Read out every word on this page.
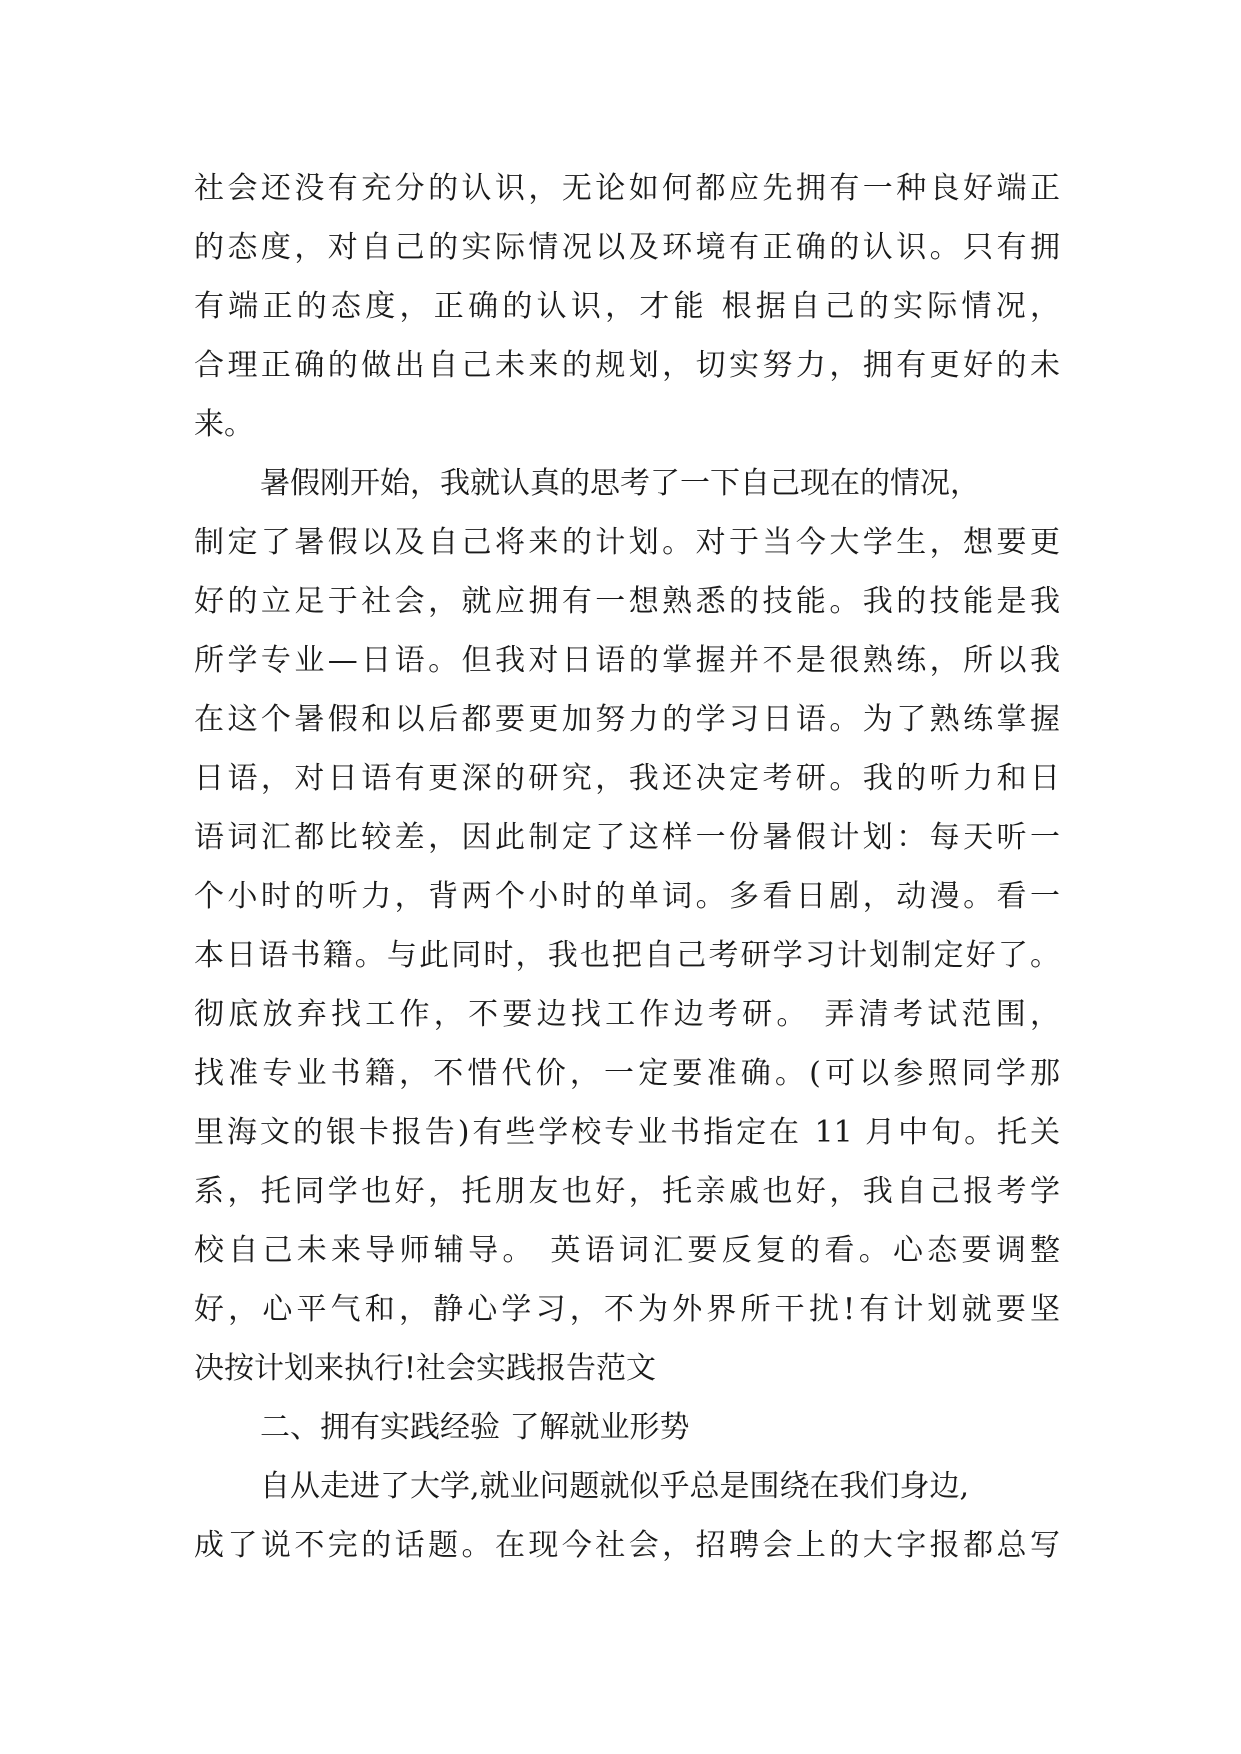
社会还没有充分的认识，无论如何都应先拥有一种良好端正
的态度，对自己的实际情况以及环境有正确的认识。只有拥
有端正的态度，正确的认识，才能 根据自己的实际情况，
合理正确的做出自己未来的规划，切实努力，拥有更好的未
来。
暑假刚开始，我就认真的思考了一下自己现在的情况，
制定了暑假以及自己将来的计划。对于当今大学生，想要更
好的立足于社会，就应拥有一想熟悉的技能。我的技能是我
所学专业—日语。但我对日语的掌握并不是很熟练，所以我
在这个暑假和以后都要更加努力的学习日语。为了熟练掌握
日语，对日语有更深的研究，我还决定考研。我的听力和日
语词汇都比较差，因此制定了这样一份暑假计划：每天听一
个小时的听力，背两个小时的单词。多看日剧，动漫。看一
本日语书籍。与此同时，我也把自己考研学习计划制定好了。
彻底放弃找工作，不要边找工作边考研。 弄清考试范围，
找准专业书籍，不惜代价，一定要准确。(可以参照同学那
里海文的银卡报告)有些学校专业书指定在 11 月中旬。托关
系，托同学也好，托朋友也好，托亲戚也好，我自己报考学
校自己未来导师辅导。 英语词汇要反复的看。心态要调整
好，心平气和，静心学习，不为外界所干扰!有计划就要坚
决按计划来执行!社会实践报告范文
二、拥有实践经验 了解就业形势
自从走进了大学,就业问题就似乎总是围绕在我们身边,
成了说不完的话题。在现今社会，招聘会上的大字报都总写
